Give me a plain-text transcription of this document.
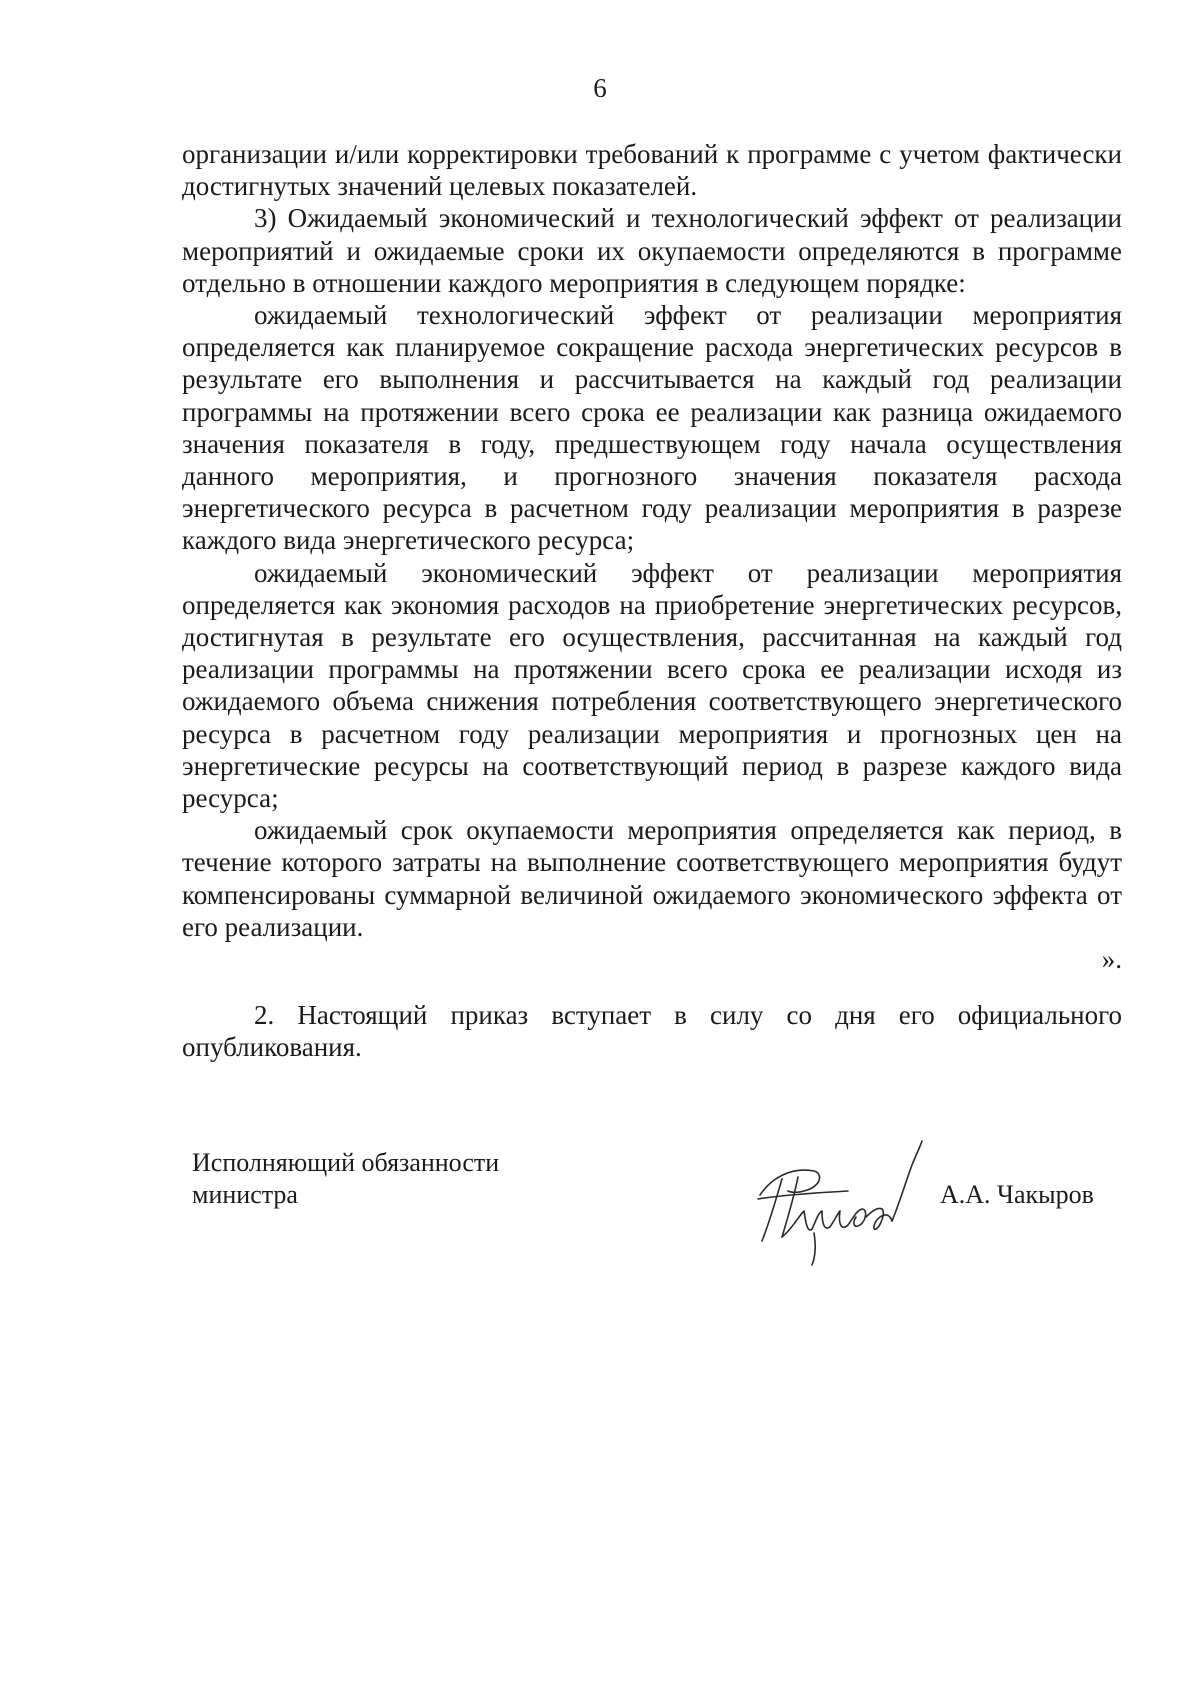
6

организации и/или корректировки требований к программе с учетом фактически достигнутых значений целевых показателей.

3) Ожидаемый экономический и технологический эффект от реализации мероприятий и ожидаемые сроки их окупаемости определяются в программе отдельно в отношении каждого мероприятия в следующем порядке:

ожидаемый технологический эффект от реализации мероприятия определяется как планируемое сокращение расхода энергетических ресурсов в результате его выполнения и рассчитывается на каждый год реализации программы на протяжении всего срока ее реализации как разница ожидаемого значения показателя в году, предшествующем году начала осуществления данного мероприятия, и прогнозного значения показателя расхода энергетического ресурса в расчетном году реализации мероприятия в разрезе каждого вида энергетического ресурса;

ожидаемый экономический эффект от реализации мероприятия определяется как экономия расходов на приобретение энергетических ресурсов, достигнутая в результате его осуществления, рассчитанная на каждый год реализации программы на протяжении всего срока ее реализации исходя из ожидаемого объема снижения потребления соответствующего энергетического ресурса в расчетном году реализации мероприятия и прогнозных цен на энергетические ресурсы на соответствующий период в разрезе каждого вида ресурса;

ожидаемый срок окупаемости мероприятия определяется как период, в течение которого затраты на выполнение соответствующего мероприятия будут компенсированы суммарной величиной ожидаемого экономического эффекта от его реализации.

».

2. Настоящий приказ вступает в силу со дня его официального опубликования.

Исполняющий обязанности
министра	А.А. Чакыров
